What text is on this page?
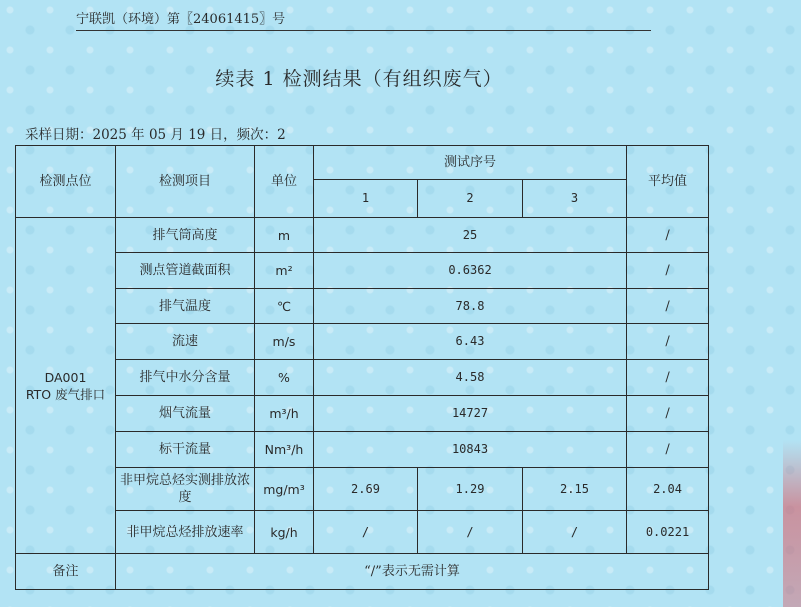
宁联凯（环境）第〖24061415〗号
续表 1 检测结果（有组织废气）
采样日期：2025 年 05 月 19 日，频次：2
检测点位	检测项目	单位	测试序号			平均值
			1	2	3	

DA001
RTO 废气排口	排气筒高度	m	25			/
	测点管道截面积	m²	0.6362			/
	排气温度	℃	78.8			/
	流速	m/s	6.43			/
	排气中水分含量	%	4.58			/
	烟气流量	m³/h	14727			/
	标干流量	Nm³/h	10843			/
	非甲烷总烃实测排放浓度	mg/m³	2.69	1.29	2.15	2.04
	非甲烷总烃排放速率	kg/h	/	/	/	0.0221
备注	“/”表示无需计算					
